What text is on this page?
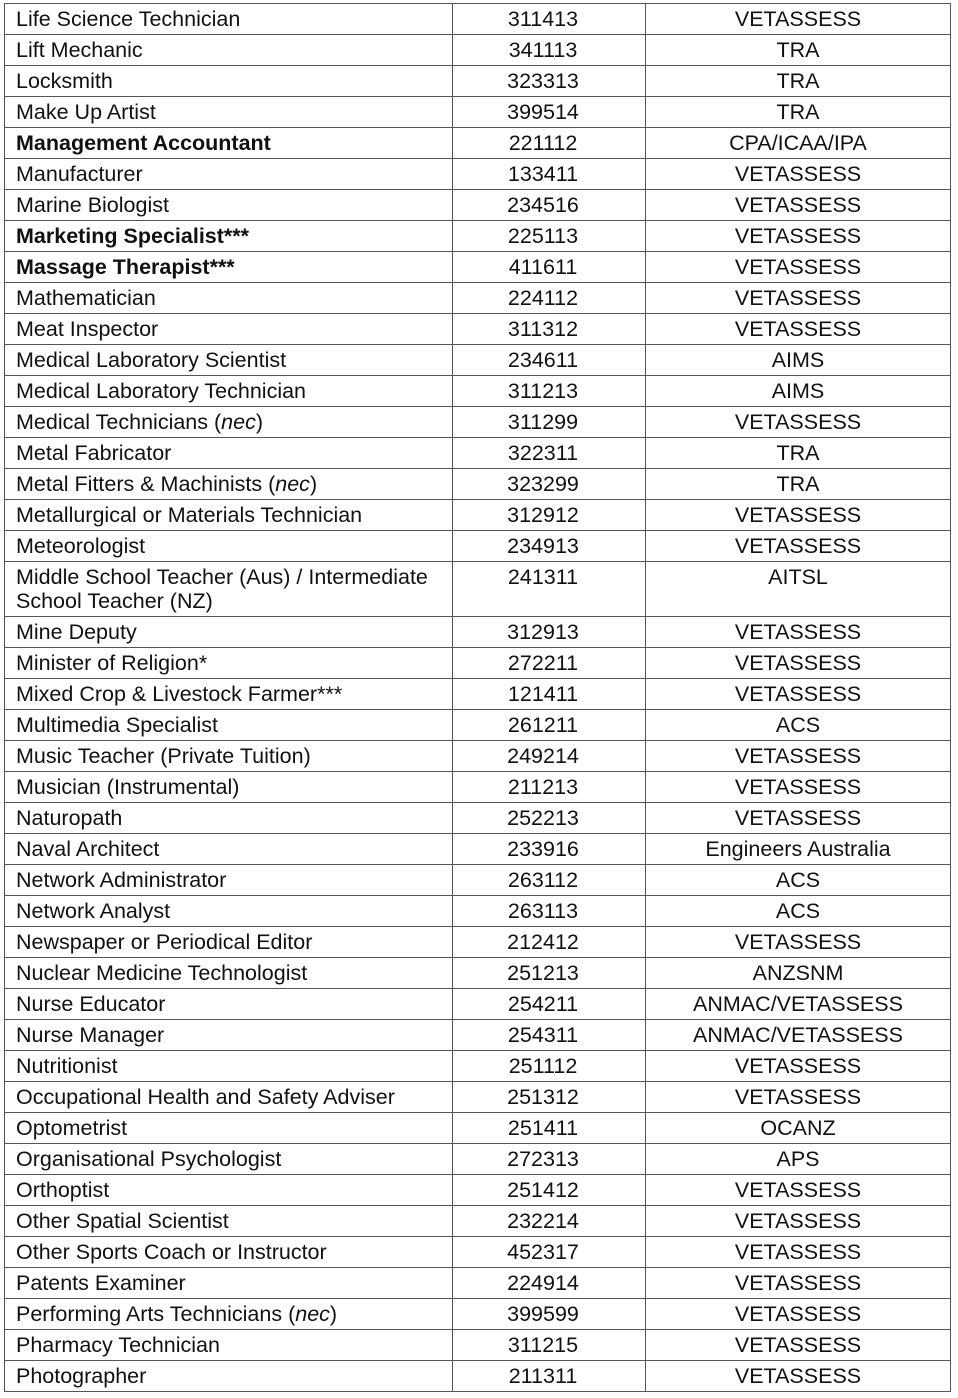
Life Science Technician	311413	VETASSESS
Lift Mechanic	341113	TRA
Locksmith	323313	TRA
Make Up Artist	399514	TRA
Management Accountant	221112	CPA/ICAA/IPA
Manufacturer	133411	VETASSESS
Marine Biologist	234516	VETASSESS
Marketing Specialist***	225113	VETASSESS
Massage Therapist***	411611	VETASSESS
Mathematician	224112	VETASSESS
Meat Inspector	311312	VETASSESS
Medical Laboratory Scientist	234611	AIMS
Medical Laboratory Technician	311213	AIMS
Medical Technicians (nec)	311299	VETASSESS
Metal Fabricator	322311	TRA
Metal Fitters & Machinists (nec)	323299	TRA
Metallurgical or Materials Technician	312912	VETASSESS
Meteorologist	234913	VETASSESS
Middle School Teacher (Aus) / Intermediate School Teacher (NZ)	241311	AITSL
Mine Deputy	312913	VETASSESS
Minister of Religion*	272211	VETASSESS
Mixed Crop & Livestock Farmer***	121411	VETASSESS
Multimedia Specialist	261211	ACS
Music Teacher (Private Tuition)	249214	VETASSESS
Musician (Instrumental)	211213	VETASSESS
Naturopath	252213	VETASSESS
Naval Architect	233916	Engineers Australia
Network Administrator	263112	ACS
Network Analyst	263113	ACS
Newspaper or Periodical Editor	212412	VETASSESS
Nuclear Medicine Technologist	251213	ANZSNM
Nurse Educator	254211	ANMAC/VETASSESS
Nurse Manager	254311	ANMAC/VETASSESS
Nutritionist	251112	VETASSESS
Occupational Health and Safety Adviser	251312	VETASSESS
Optometrist	251411	OCANZ
Organisational Psychologist	272313	APS
Orthoptist	251412	VETASSESS
Other Spatial Scientist	232214	VETASSESS
Other Sports Coach or Instructor	452317	VETASSESS
Patents Examiner	224914	VETASSESS
Performing Arts Technicians (nec)	399599	VETASSESS
Pharmacy Technician	311215	VETASSESS
Photographer	211311	VETASSESS
